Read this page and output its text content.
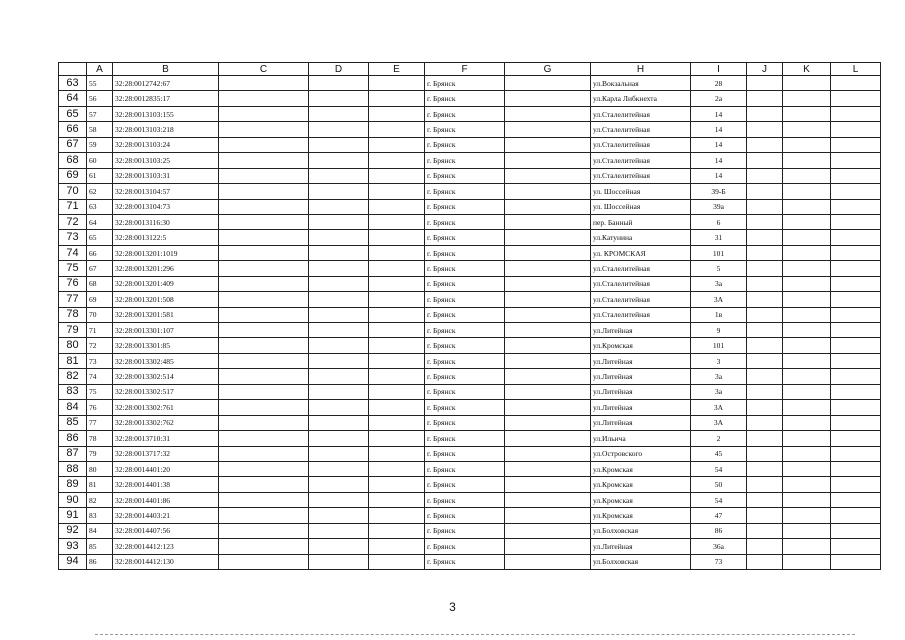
	A	B	C	D	E	F	G	H	I	J	K	L
63	55	32:28:0012742:67				г. Брянск		ул.Вокзальная	28			
64	56	32:28:0012835:17				г. Брянск		ул.Карла Либкнехта	2а			
65	57	32:28:0013103:155				г. Брянск		ул.Сталелитейная	14			
66	58	32:28:0013103:218				г. Брянск		ул.Сталелитейная	14			
67	59	32:28:0013103:24				г. Брянск		ул.Сталелитейная	14			
68	60	32:28:0013103:25				г. Брянск		ул.Сталелитейная	14			
69	61	32:28:0013103:31				г. Брянск		ул.Сталелитейная	14			
70	62	32:28:0013104:57				г. Брянск		ул. Шоссейная	39-Б			
71	63	32:28:0013104:73				г. Брянск		ул. Шоссейная	39а			
72	64	32:28:0013116:30				г. Брянск		пер. Банный	6			
73	65	32:28:0013122:5				г. Брянск		ул.Катунина	31			
74	66	32:28:0013201:1019				г. Брянск		ул. КРОМСКАЯ	101			
75	67	32:28:0013201:296				г. Брянск		ул.Сталелитейная	5			
76	68	32:28:0013201:409				г. Брянск		ул.Сталелитейная	3а			
77	69	32:28:0013201:508				г. Брянск		ул.Сталелитейная	3А			
78	70	32:28:0013201:581				г. Брянск		ул.Сталелитейная	1в			
79	71	32:28:0013301:107				г. Брянск		ул.Литейная	9			
80	72	32:28:0013301:85				г. Брянск		ул.Кромская	101			
81	73	32:28:0013302:485				г. Брянск		ул.Литейная	3			
82	74	32:28:0013302:514				г. Брянск		ул.Литейная	3а			
83	75	32:28:0013302:517				г. Брянск		ул.Литейная	3а			
84	76	32:28:0013302:761				г. Брянск		ул.Литейная	3А			
85	77	32:28:0013302:762				г. Брянск		ул.Литейная	3А			
86	78	32:28:0013710:31				г. Брянск		ул.Ильича	2			
87	79	32:28:0013717:32				г. Брянск		ул.Островского	45			
88	80	32:28:0014401:20				г. Брянск		ул.Кромская	54			
89	81	32:28:0014401:38				г. Брянск		ул.Кромская	50			
90	82	32:28:0014401:86				г. Брянск		ул.Кромская	54			
91	83	32:28:0014403:21				г. Брянск		ул.Кромская	47			
92	84	32:28:0014407:56				г. Брянск		ул.Болховская	86			
93	85	32:28:0014412:123				г. Брянск		ул.Литейная	36а			
94	86	32:28:0014412:130				г. Брянск		ул.Болховская	73			
3
